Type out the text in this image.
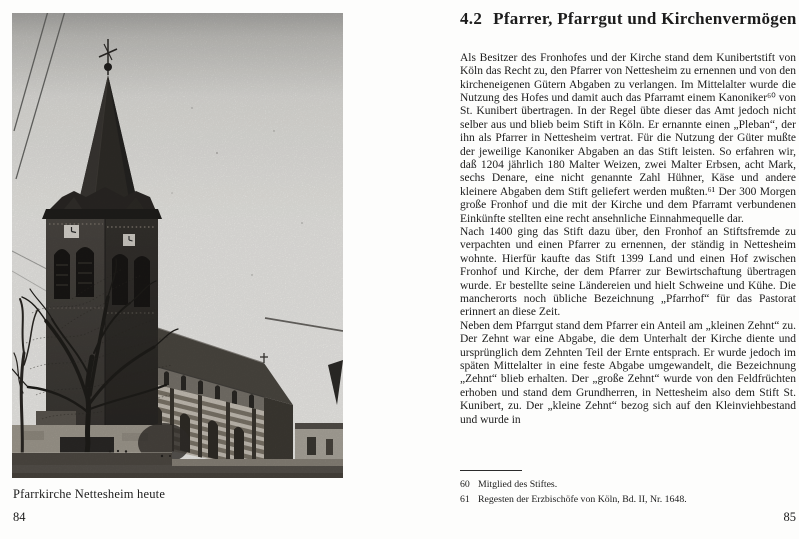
Pfarrkirche Nettesheim heute
84
4.2 Pfarrer, Pfarrgut und Kirchenvermögen

Als Besitzer des Fronhofes und der Kirche stand dem Kunibertstift von Köln das Recht zu, den Pfarrer von Nettesheim zu ernennen und von den kircheneigenen Gütern Abgaben zu verlangen. Im Mittelalter wurde die Nutzung des Hofes und damit auch das Pfarramt einem Kanoniker⁶⁰ von St. Kunibert übertragen. In der Regel übte dieser das Amt jedoch nicht selber aus und blieb beim Stift in Köln. Er ernannte einen „Pleban“, der ihn als Pfarrer in Nettesheim vertrat. Für die Nutzung der Güter mußte der jeweilige Kanoniker Abgaben an das Stift leisten. So erfahren wir, daß 1204 jährlich 180 Malter Weizen, zwei Malter Erbsen, acht Mark, sechs Denare, eine nicht genannte Zahl Hühner, Käse und andere kleinere Abgaben dem Stift geliefert werden mußten.⁶¹ Der 300 Morgen große Fronhof und die mit der Kirche und dem Pfarramt verbundenen Einkünfte stellten eine recht ansehnliche Einnahmequelle dar.

Nach 1400 ging das Stift dazu über, den Fronhof an Stiftsfremde zu verpachten und einen Pfarrer zu ernennen, der ständig in Nettesheim wohnte. Hierfür kaufte das Stift 1399 Land und einen Hof zwischen Fronhof und Kirche, der dem Pfarrer zur Bewirtschaftung übertragen wurde. Er bestellte seine Ländereien und hielt Schweine und Kühe. Die mancherorts noch übliche Bezeichnung „Pfarrhof“ für das Pastorat erinnert an diese Zeit.

Neben dem Pfarrgut stand dem Pfarrer ein Anteil am „kleinen Zehnt“ zu. Der Zehnt war eine Abgabe, die dem Unterhalt der Kirche diente und ursprünglich dem Zehnten Teil der Ernte entsprach. Er wurde jedoch im späten Mittelalter in eine feste Abgabe umgewandelt, die Bezeichnung „Zehnt“ blieb erhalten. Der „große Zehnt“ wurde von den Feldfrüchten erhoben und stand dem Grundherren, in Nettesheim also dem Stift St. Kunibert, zu. Der „kleine Zehnt“ bezog sich auf den Kleinviehbestand und wurde in

60 Mitglied des Stiftes.
61 Regesten der Erzbischöfe von Köln, Bd. II, Nr. 1648.
85
